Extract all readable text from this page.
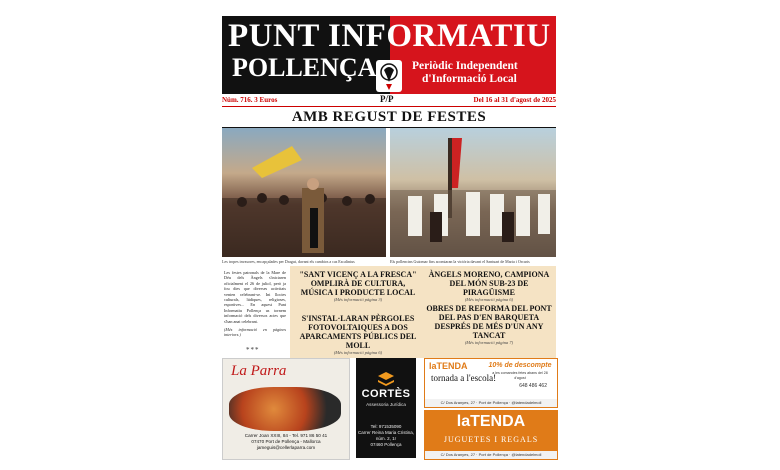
PUNT INFORMATIU
POLLENÇA	Periòdic Independent
d'Informació Local
P/P
Núm. 716. 3 Euros	Del 16 al 31 d'agost de 2025
AMB REGUST DE FESTES
Les tropes invasores, encapçalades per Dragut, davant els cambios a cas Escalinius	Els pollencins Guiomar fins acomiaran la victòria davant el Santuari de Maria i Orcaris
Les festes patronals de la Mare de Déu dels Àngels s'iniciaren oficialment el 26 de juliol, però ja fou dies que diverses activitats venien celebrant-se. Ini llocies culturals, lúdiques, religioses, esportives... En aquest Punt Informatiu Pollença us tornem informació dels diversos actes que s'han anat celebrant.
(Més informació en pàgines interiors.)
***
"SANT VICENÇ A LA FRESCA" OMPLIRÀ DE CULTURA, MÚSICA I PRODUCTE LOCAL
(Més informació pàgina 3)
S'INSTAL·LARAN PÈRGOLES FOTOVOLTAIQUES A DOS APARCAMENTS PÚBLICS DEL MOLL
(Més informació pàgina 6)
ÀNGELS MORENO, CAMPIONA DEL MÓN SUB-23 DE PIRAGÜISME
(Més informació pàgina 6)
OBRES DE REFORMA DEL PONT DEL PAS D'EN BARQUETA DESPRÉS DE MÉS D'UN ANY TANCAT
(Més informació pàgina 7)
La Parra
Carrer Joan XXIII, 84 - Tel. 971 86 50 41
07470 Port de Pollença - Mallorca
jameguis@cellerlaparra.com
CORTÈS
Assessoria Jurídica
Tel: 971535090
Carrer Reina Maria Cristina, núm. 2, 1r
07460 Pollença
laTENDA
tornada a l'escola!
10% de descompte
a les comandes fetes abans del 28 d'agost
648 486 462
C/ Dos Aranyes, 27 · Port de Pollença · @latendadelmoll
laTENDA
JUGUETES I REGALS
C/ Dos Aranyes, 27 · Port de Pollença · @latendadelmoll
